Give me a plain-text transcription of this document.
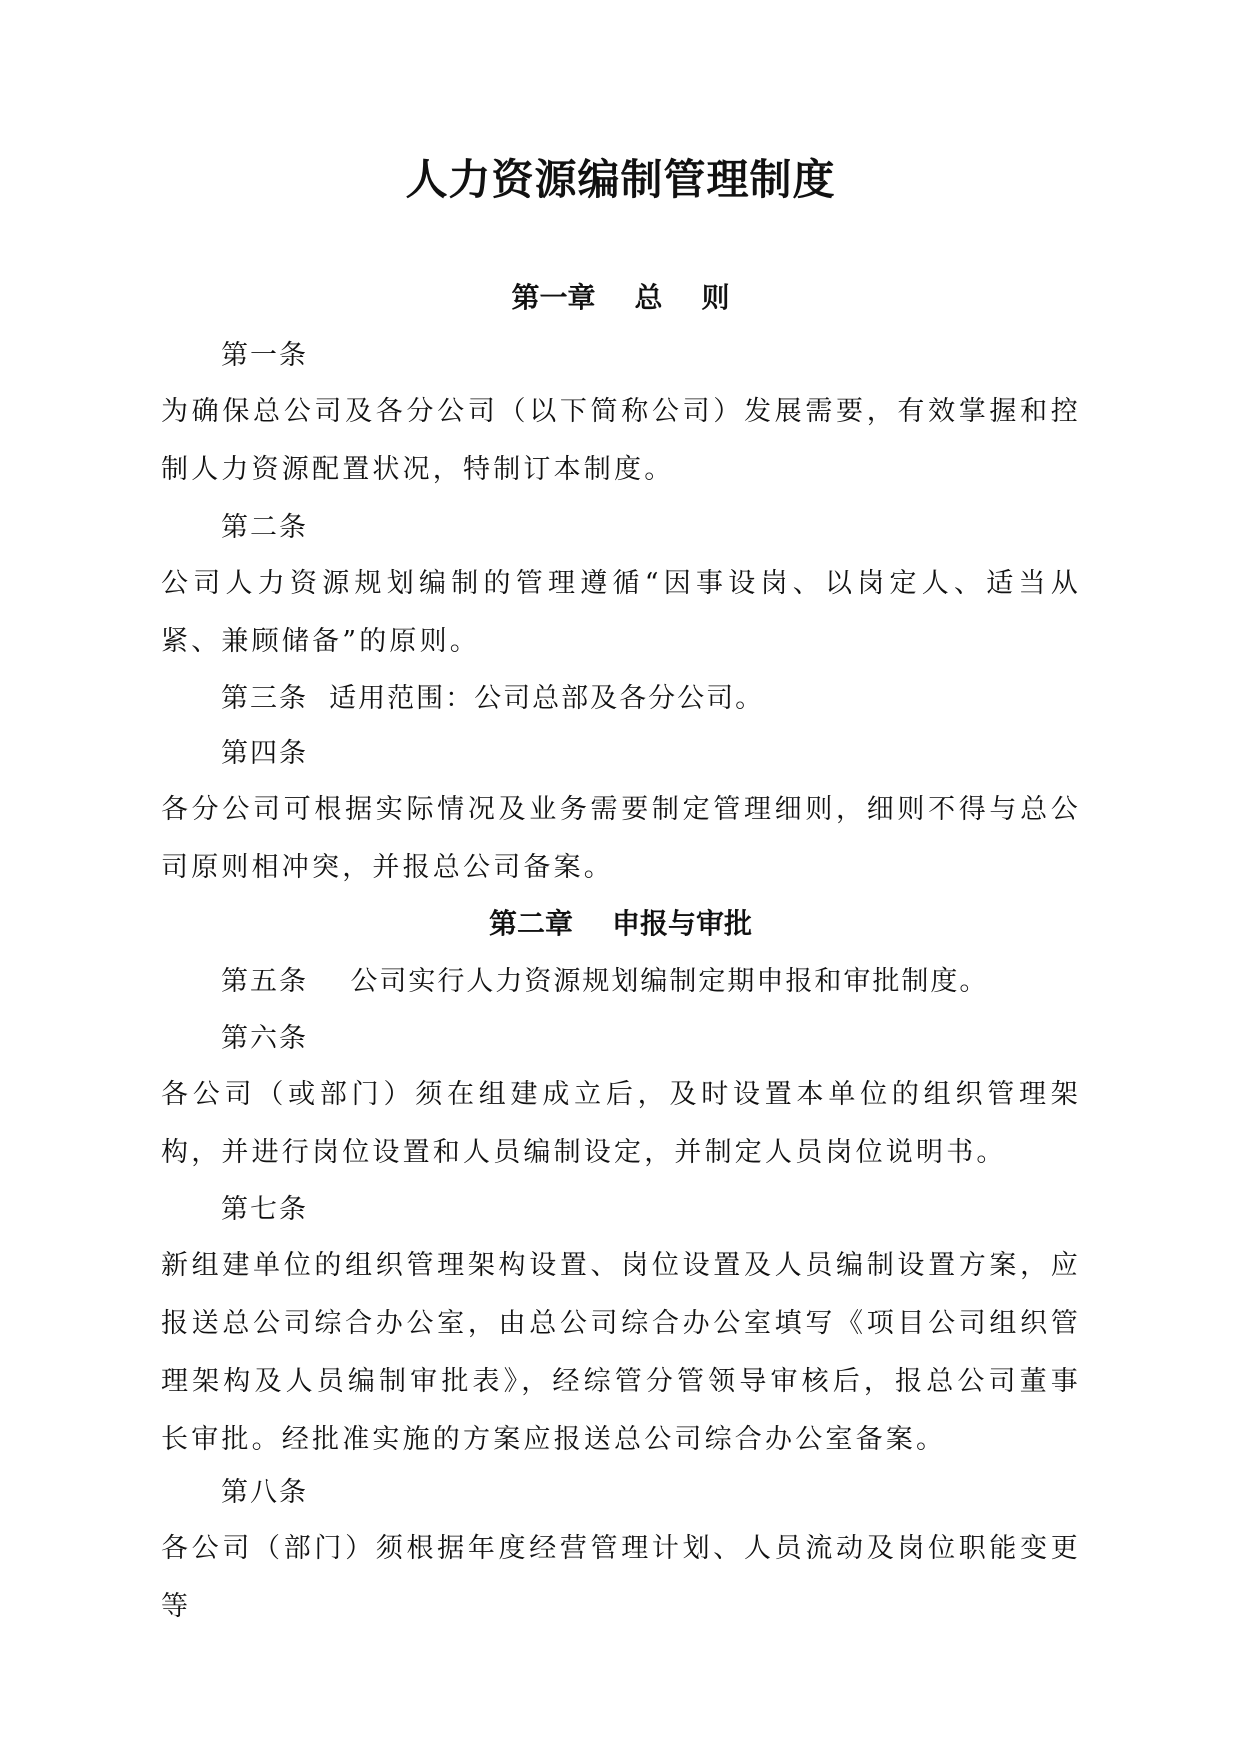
人力资源编制管理制度
第一章    总    则
第一条
为确保总公司及各分公司（以下简称公司）发展需要，有效掌握和控制人力资源配置状况，特制订本制度。
第二条
公司人力资源规划编制的管理遵循“因事设岗、以岗定人、适当从紧、兼顾储备”的原则。
第三条  适用范围：公司总部及各分公司。
第四条
各分公司可根据实际情况及业务需要制定管理细则，细则不得与总公司原则相冲突，并报总公司备案。
第二章    申报与审批
第五条    公司实行人力资源规划编制定期申报和审批制度。
第六条
各公司（或部门）须在组建成立后，及时设置本单位的组织管理架构，并进行岗位设置和人员编制设定，并制定人员岗位说明书。
第七条
新组建单位的组织管理架构设置、岗位设置及人员编制设置方案，应报送总公司综合办公室，由总公司综合办公室填写《项目公司组织管理架构及人员编制审批表》，经综管分管领导审核后，报总公司董事长审批。经批准实施的方案应报送总公司综合办公室备案。
第八条
各公司（部门）须根据年度经营管理计划、人员流动及岗位职能变更等
